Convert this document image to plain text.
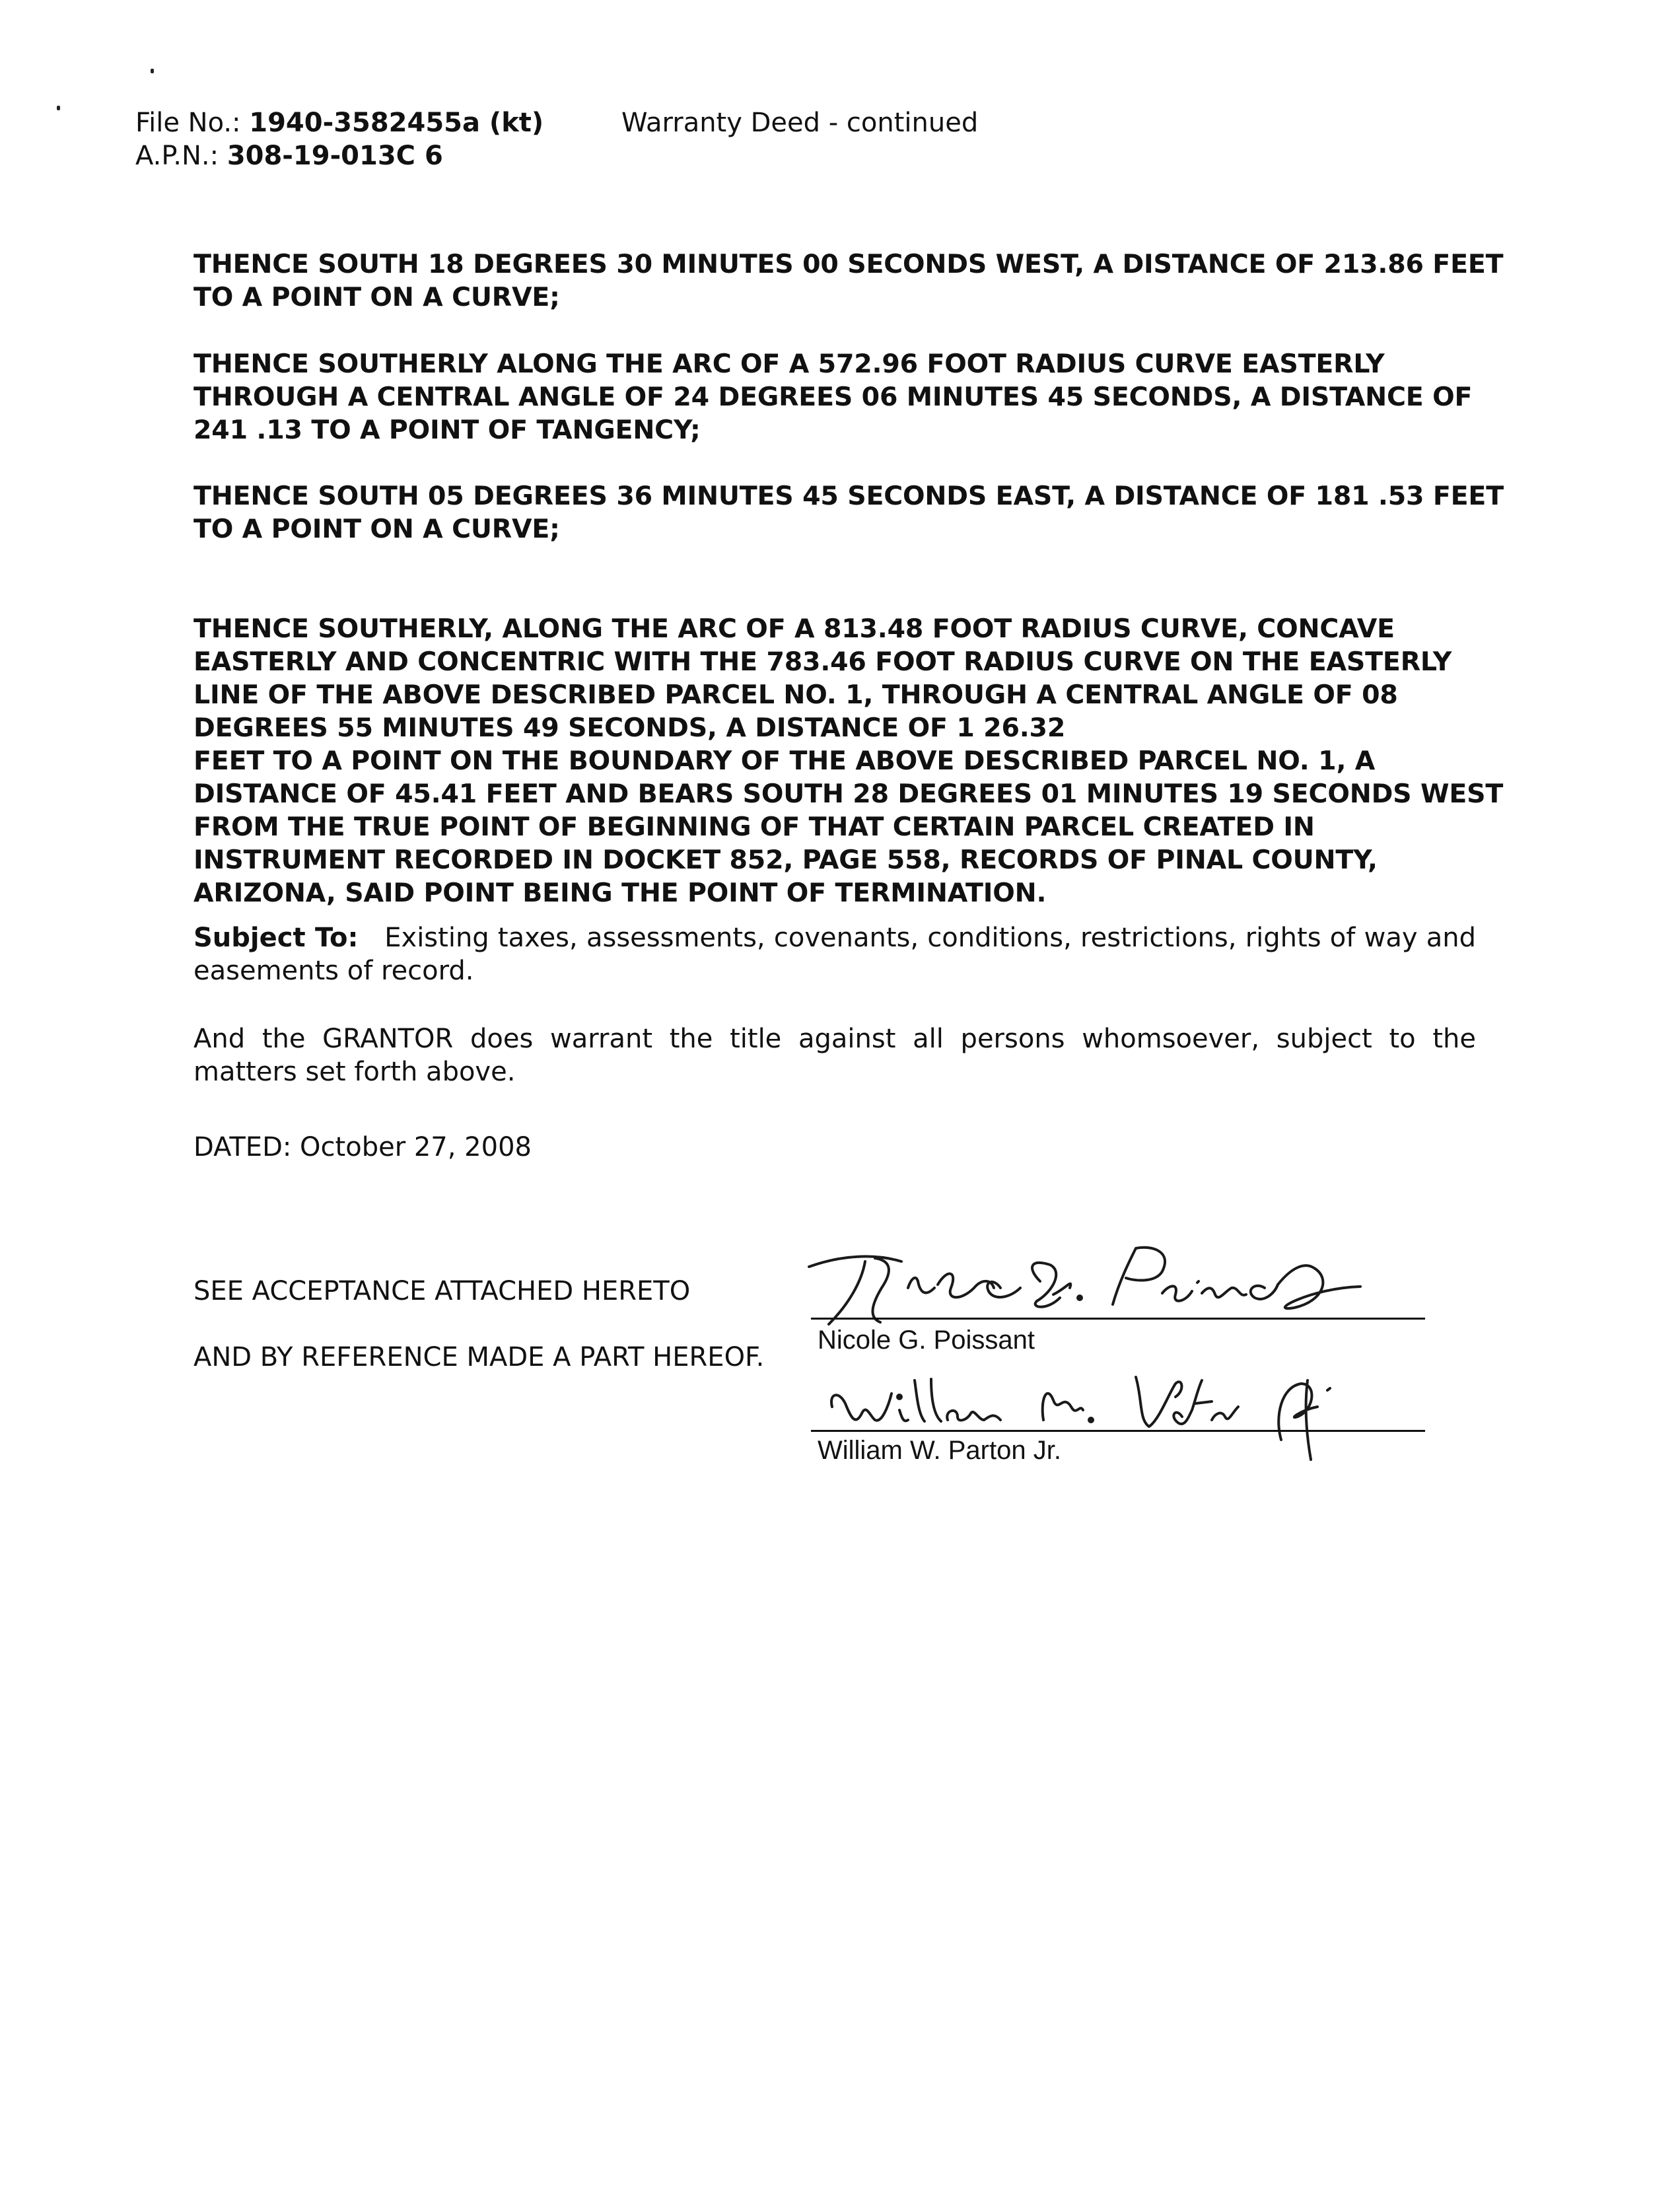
File No.: 1940-3582455a (kt)
A.P.N.: 308-19-013C 6
Warranty Deed - continued

THENCE SOUTH 18 DEGREES 30 MINUTES 00 SECONDS WEST, A DISTANCE OF 213.86 FEET
TO A POINT ON A CURVE;

THENCE SOUTHERLY ALONG THE ARC OF A 572.96 FOOT RADIUS CURVE EASTERLY
THROUGH A CENTRAL ANGLE OF 24 DEGREES 06 MINUTES 45 SECONDS, A DISTANCE OF
241 .13 TO A POINT OF TANGENCY;

THENCE SOUTH 05 DEGREES 36 MINUTES 45 SECONDS EAST, A DISTANCE OF 181 .53 FEET
TO A POINT ON A CURVE;

THENCE SOUTHERLY, ALONG THE ARC OF A 813.48 FOOT RADIUS CURVE, CONCAVE
EASTERLY AND CONCENTRIC WITH THE 783.46 FOOT RADIUS CURVE ON THE EASTERLY
LINE OF THE ABOVE DESCRIBED PARCEL NO. 1, THROUGH A CENTRAL ANGLE OF 08
DEGREES 55 MINUTES 49 SECONDS, A DISTANCE OF 1 26.32
FEET TO A POINT ON THE BOUNDARY OF THE ABOVE DESCRIBED PARCEL NO. 1, A
DISTANCE OF 45.41 FEET AND BEARS SOUTH 28 DEGREES 01 MINUTES 19 SECONDS WEST
FROM THE TRUE POINT OF BEGINNING OF THAT CERTAIN PARCEL CREATED IN
INSTRUMENT RECORDED IN DOCKET 852, PAGE 558, RECORDS OF PINAL COUNTY,
ARIZONA, SAID POINT BEING THE POINT OF TERMINATION.

Subject To: Existing taxes, assessments, covenants, conditions, restrictions, rights of way and easements of record.

And the GRANTOR does warrant the title against all persons whomsoever, subject to the matters set forth above.

DATED: October 27, 2008

SEE ACCEPTANCE ATTACHED HERETO
AND BY REFERENCE MADE A PART HEREOF.
Nicole G. Poissant
William W. Parton Jr.
